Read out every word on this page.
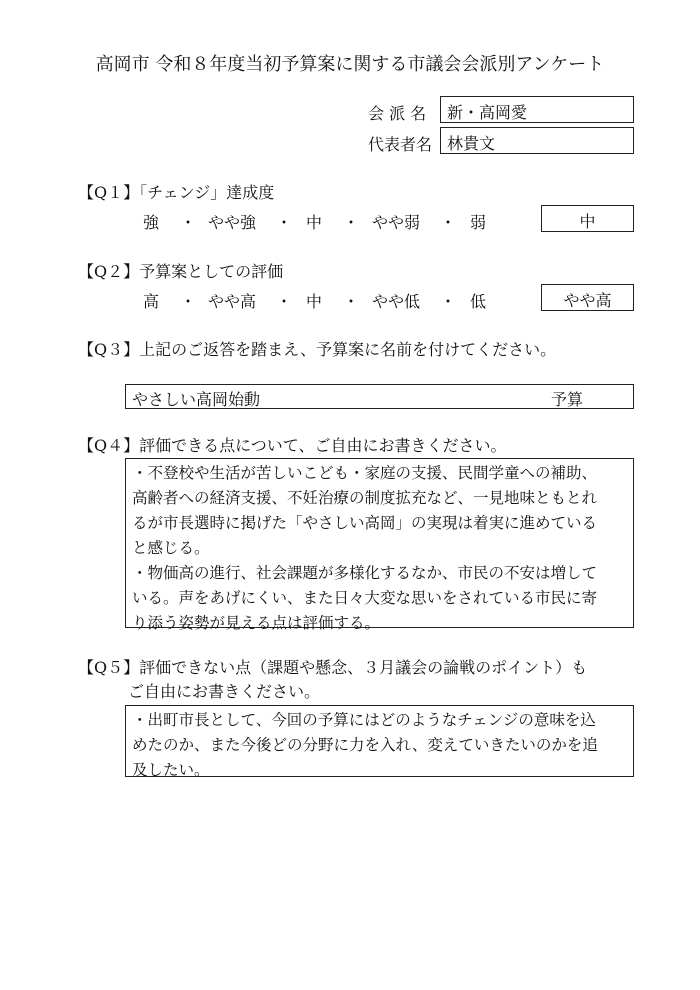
高岡市 令和８年度当初予算案に関する市議会会派別アンケート
会 派 名 新・高岡愛
代表者名 林貴文
【Q１】「チェンジ」達成度
強 ・ やや強 ・ 中 ・ やや弱 ・ 弱	中
【Q２】予算案としての評価
高 ・ やや高 ・ 中 ・ やや低 ・ 低	やや高
【Q３】上記のご返答を踏まえ、予算案に名前を付けてください。
やさしい高岡始動	予算
【Q４】評価できる点について、ご自由にお書きください。
・不登校や生活が苦しいこども・家庭の支援、民間学童への補助、
高齢者への経済支援、不妊治療の制度拡充など、一見地味ともとれ
るが市長選時に掲げた「やさしい高岡」の実現は着実に進めている
と感じる。
・物価高の進行、社会課題が多様化するなか、市民の不安は増して
いる。声をあげにくい、また日々大変な思いをされている市民に寄
り添う姿勢が見える点は評価する。
【Q５】評価できない点（課題や懸念、３月議会の論戦のポイント）も
ご自由にお書きください。
・出町市長として、今回の予算にはどのようなチェンジの意味を込
めたのか、また今後どの分野に力を入れ、変えていきたいのかを追
及したい。
